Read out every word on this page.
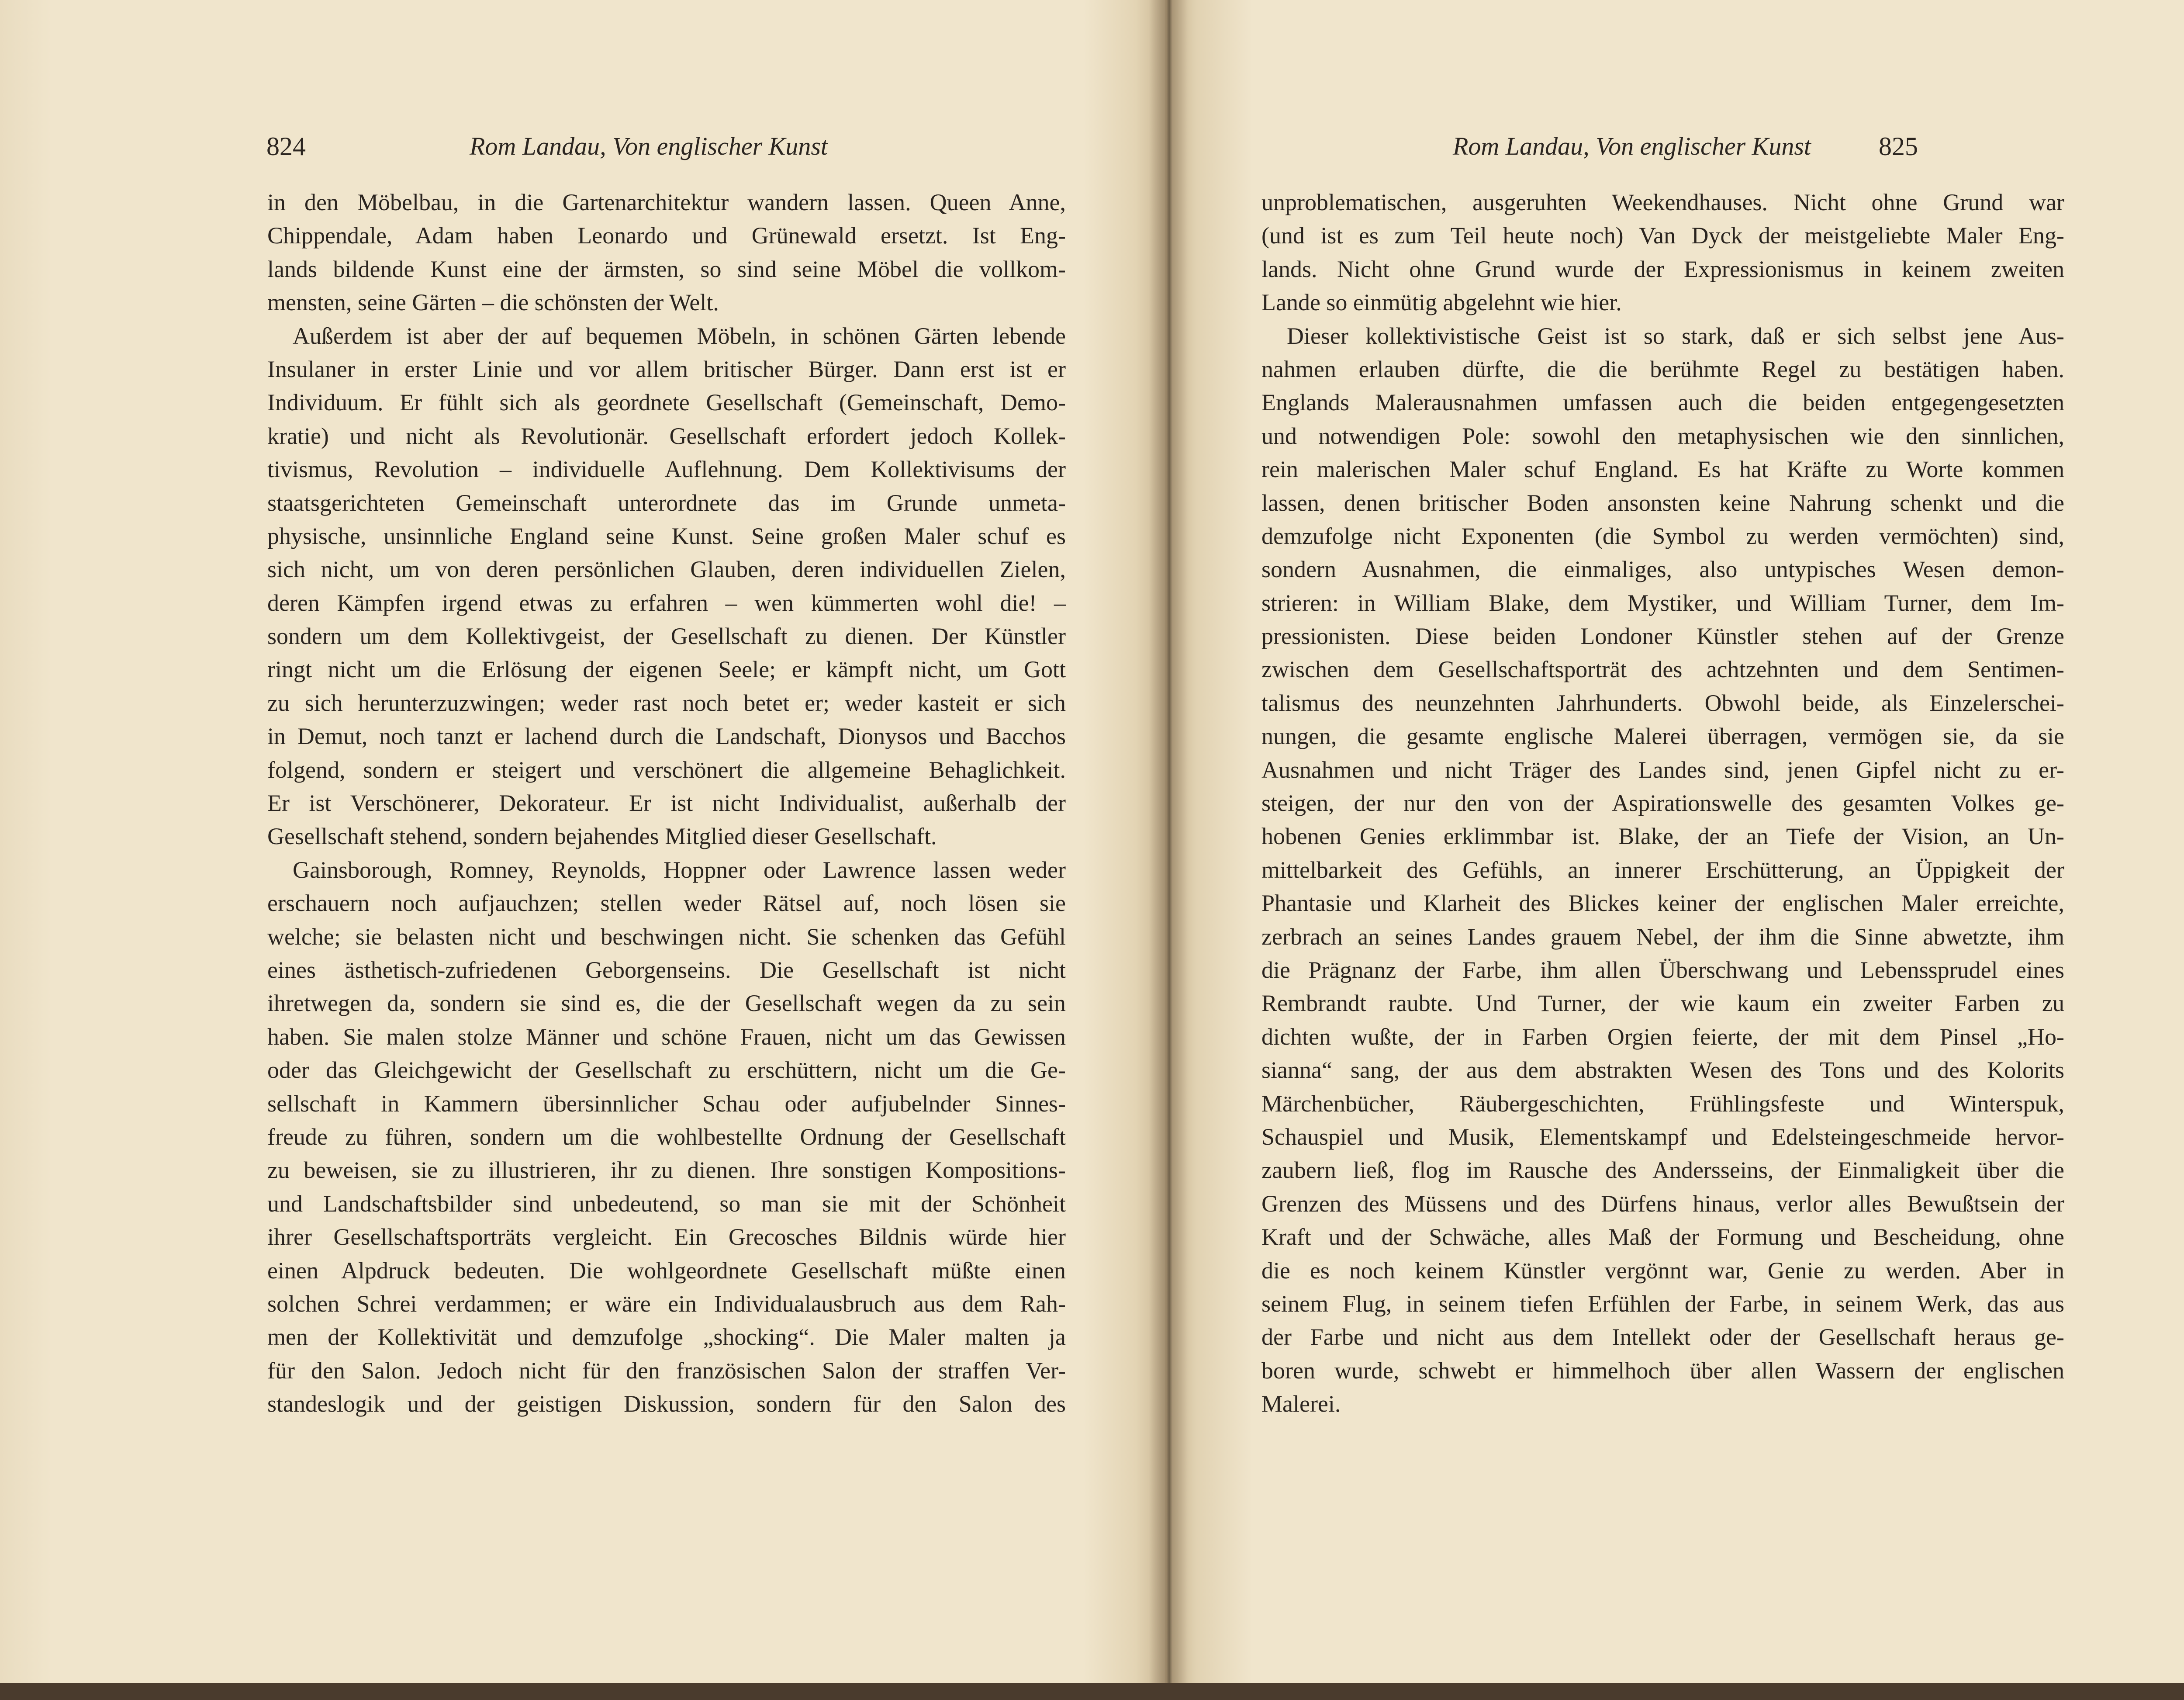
824	Rom Landau, Von englischer Kunst
in den Möbelbau, in die Gartenarchitektur wandern lassen. Queen Anne,
Chippendale, Adam haben Leonardo und Grünewald ersetzt. Ist Eng-
lands bildende Kunst eine der ärmsten, so sind seine Möbel die vollkom-
mensten, seine Gärten – die schönsten der Welt.
Außerdem ist aber der auf bequemen Möbeln, in schönen Gärten lebende
Insulaner in erster Linie und vor allem britischer Bürger. Dann erst ist er
Individuum. Er fühlt sich als geordnete Gesellschaft (Gemeinschaft, Demo-
kratie) und nicht als Revolutionär. Gesellschaft erfordert jedoch Kollek-
tivismus, Revolution – individuelle Auflehnung. Dem Kollektivisums der
staatsgerichteten Gemeinschaft unterordnete das im Grunde unmeta-
physische, unsinnliche England seine Kunst. Seine großen Maler schuf es
sich nicht, um von deren persönlichen Glauben, deren individuellen Zielen,
deren Kämpfen irgend etwas zu erfahren – wen kümmerten wohl die! –
sondern um dem Kollektivgeist, der Gesellschaft zu dienen. Der Künstler
ringt nicht um die Erlösung der eigenen Seele; er kämpft nicht, um Gott
zu sich herunterzuzwingen; weder rast noch betet er; weder kasteit er sich
in Demut, noch tanzt er lachend durch die Landschaft, Dionysos und Bacchos
folgend, sondern er steigert und verschönert die allgemeine Behaglichkeit.
Er ist Verschönerer, Dekorateur. Er ist nicht Individualist, außerhalb der
Gesellschaft stehend, sondern bejahendes Mitglied dieser Gesellschaft.
Gainsborough, Romney, Reynolds, Hoppner oder Lawrence lassen weder
erschauern noch aufjauchzen; stellen weder Rätsel auf, noch lösen sie
welche; sie belasten nicht und beschwingen nicht. Sie schenken das Gefühl
eines ästhetisch-zufriedenen Geborgenseins. Die Gesellschaft ist nicht
ihretwegen da, sondern sie sind es, die der Gesellschaft wegen da zu sein
haben. Sie malen stolze Männer und schöne Frauen, nicht um das Gewissen
oder das Gleichgewicht der Gesellschaft zu erschüttern, nicht um die Ge-
sellschaft in Kammern übersinnlicher Schau oder aufjubelnder Sinnes-
freude zu führen, sondern um die wohlbestellte Ordnung der Gesellschaft
zu beweisen, sie zu illustrieren, ihr zu dienen. Ihre sonstigen Kompositions-
und Landschaftsbilder sind unbedeutend, so man sie mit der Schönheit
ihrer Gesellschaftsporträts vergleicht. Ein Grecosches Bildnis würde hier
einen Alpdruck bedeuten. Die wohlgeordnete Gesellschaft müßte einen
solchen Schrei verdammen; er wäre ein Individualausbruch aus dem Rah-
men der Kollektivität und demzufolge „shocking“. Die Maler malten ja
für den Salon. Jedoch nicht für den französischen Salon der straffen Ver-
standeslogik und der geistigen Diskussion, sondern für den Salon des
Rom Landau, Von englischer Kunst	825
unproblematischen, ausgeruhten Weekendhauses. Nicht ohne Grund war
(und ist es zum Teil heute noch) Van Dyck der meistgeliebte Maler Eng-
lands. Nicht ohne Grund wurde der Expressionismus in keinem zweiten
Lande so einmütig abgelehnt wie hier.
Dieser kollektivistische Geist ist so stark, daß er sich selbst jene Aus-
nahmen erlauben dürfte, die die berühmte Regel zu bestätigen haben.
Englands Malerausnahmen umfassen auch die beiden entgegengesetzten
und notwendigen Pole: sowohl den metaphysischen wie den sinnlichen,
rein malerischen Maler schuf England. Es hat Kräfte zu Worte kommen
lassen, denen britischer Boden ansonsten keine Nahrung schenkt und die
demzufolge nicht Exponenten (die Symbol zu werden vermöchten) sind,
sondern Ausnahmen, die einmaliges, also untypisches Wesen demon-
strieren: in William Blake, dem Mystiker, und William Turner, dem Im-
pressionisten. Diese beiden Londoner Künstler stehen auf der Grenze
zwischen dem Gesellschaftsporträt des achtzehnten und dem Sentimen-
talismus des neunzehnten Jahrhunderts. Obwohl beide, als Einzelerschei-
nungen, die gesamte englische Malerei überragen, vermögen sie, da sie
Ausnahmen und nicht Träger des Landes sind, jenen Gipfel nicht zu er-
steigen, der nur den von der Aspirationswelle des gesamten Volkes ge-
hobenen Genies erklimmbar ist. Blake, der an Tiefe der Vision, an Un-
mittelbarkeit des Gefühls, an innerer Erschütterung, an Üppigkeit der
Phantasie und Klarheit des Blickes keiner der englischen Maler erreichte,
zerbrach an seines Landes grauem Nebel, der ihm die Sinne abwetzte, ihm
die Prägnanz der Farbe, ihm allen Überschwang und Lebenssprudel eines
Rembrandt raubte. Und Turner, der wie kaum ein zweiter Farben zu
dichten wußte, der in Farben Orgien feierte, der mit dem Pinsel „Ho-
sianna“ sang, der aus dem abstrakten Wesen des Tons und des Kolorits
Märchenbücher, Räubergeschichten, Frühlingsfeste und Winterspuk,
Schauspiel und Musik, Elementskampf und Edelsteingeschmeide hervor-
zaubern ließ, flog im Rausche des Andersseins, der Einmaligkeit über die
Grenzen des Müssens und des Dürfens hinaus, verlor alles Bewußtsein der
Kraft und der Schwäche, alles Maß der Formung und Bescheidung, ohne
die es noch keinem Künstler vergönnt war, Genie zu werden. Aber in
seinem Flug, in seinem tiefen Erfühlen der Farbe, in seinem Werk, das aus
der Farbe und nicht aus dem Intellekt oder der Gesellschaft heraus ge-
boren wurde, schwebt er himmelhoch über allen Wassern der englischen
Malerei.
